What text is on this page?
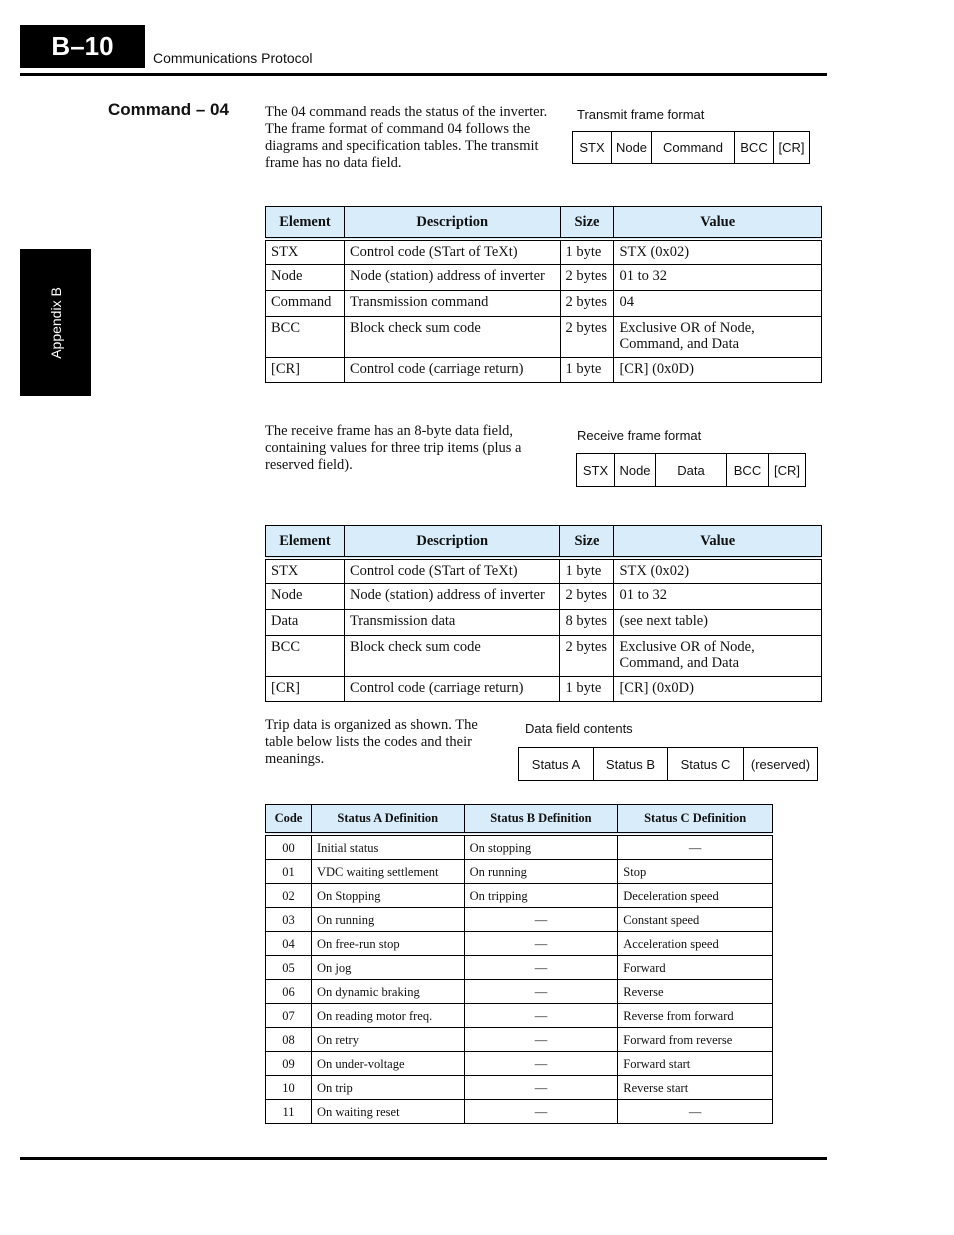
B–10	Communications Protocol
Appendix B
Command – 04 The 04 command reads the status of the inverter. The frame format of command 04 follows the diagrams and specification tables. The transmit frame has no data field.

Transmit frame format
STX Node	Command	BCC [CR]
Element	Description	Size	Value
STX	Control code (STart of TeXt)	1 byte	STX (0x02)
Node	Node (station) address of inverter	2 bytes	01 to 32
Command	Transmission command	2 bytes	04
BCC	Block check sum code	2 bytes	Exclusive OR of Node, Command, and Data
[CR]	Control code (carriage return)	1 byte	[CR] (0x0D)

The receive frame has an 8-byte data field, containing values for three trip items (plus a reserved field).

Receive frame format
STX Node	Data	BCC [CR]
Element	Description	Size	Value
STX	Control code (STart of TeXt)	1 byte	STX (0x02)
Node	Node (station) address of inverter	2 bytes	01 to 32
Data	Transmission data	8 bytes	(see next table)
BCC	Block check sum code	2 bytes	Exclusive OR of Node, Command, and Data
[CR]	Control code (carriage return)	1 byte	[CR] (0x0D)

Trip data is organized as shown. The table below lists the codes and their meanings.

Data field contents
Status A	Status B	Status C	(reserved)
Code	Status A Definition	Status B Definition	Status C Definition
00	Initial status	On stopping	—
01	VDC waiting settlement	On running	Stop
02	On Stopping	On tripping	Deceleration speed
03	On running	—	Constant speed
04	On free-run stop	—	Acceleration speed
05	On jog	—	Forward
06	On dynamic braking	—	Reverse
07	On reading motor freq.	—	Reverse from forward
08	On retry	—	Forward from reverse
09	On under-voltage	—	Forward start
10	On trip	—	Reverse start
11	On waiting reset	—	—
